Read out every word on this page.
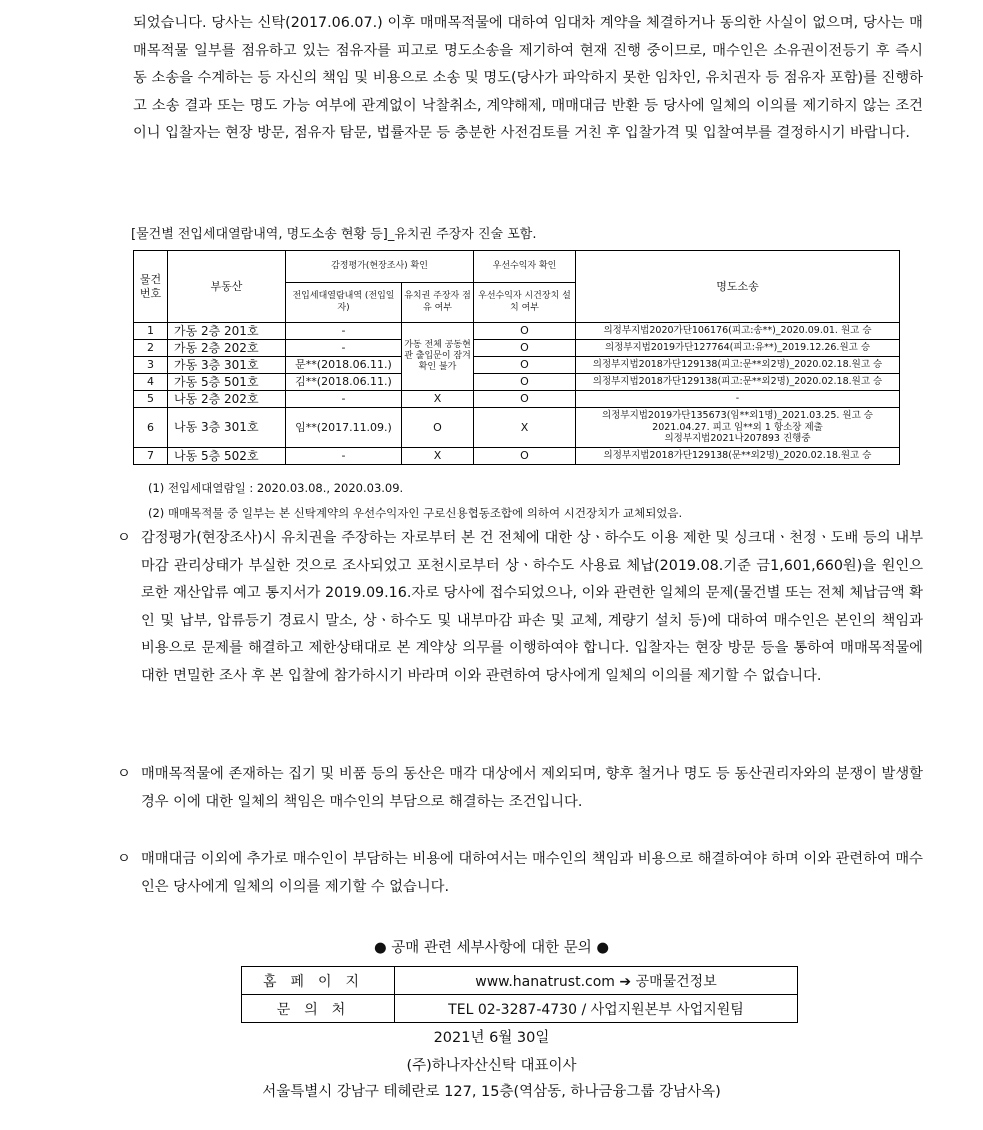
되었습니다. 당사는 신탁(2017.06.07.) 이후 매매목적물에 대하여 임대차 계약을 체결하거나 동의한 사실이 없으며, 당사는 매매목적물 일부를 점유하고 있는 점유자를 피고로 명도소송을 제기하여 현재 진행 중이므로, 매수인은 소유권이전등기 후 즉시 동 소송을 수계하는 등 자신의 책임 및 비용으로 소송 및 명도(당사가 파악하지 못한 임차인, 유치권자 등 점유자 포함)를 진행하고 소송 결과 또는 명도 가능 여부에 관계없이 낙찰취소, 계약해제, 매매대금 반환 등 당사에 일체의 이의를 제기하지 않는 조건이니 입찰자는 현장 방문, 점유자 탐문, 법률자문 등 충분한 사전검토를 거친 후 입찰가격 및 입찰여부를 결정하시기 바랍니다.

[물건별 전입세대열람내역, 명도소송 현황 등]_유치권 주장자 진술 포함.
물건 번호	부동산	감정평가(현장조사) 확인		우선수익자 확인	명도소송
		전입세대열람내역 (전입일자)	유치권 주장자 점유 여부	우선수익자 시건장치 설치 여부	
1	가동 2층 201호	-	가동 전체 공동현관 출입문이 잠겨 확인 불가	O	의정부지법2020가단106176(피고:송**)_2020.09.01. 원고 승
2	가동 2층 202호	-		O	의정부지법2019가단127764(피고:유**)_2019.12.26.원고 승
3	가동 3층 301호	문**(2018.06.11.)		O	의정부지법2018가단129138(피고:문**외2명)_2020.02.18.원고 승
4	가동 5층 501호	김**(2018.06.11.)		O	의정부지법2018가단129138(피고:문**외2명)_2020.02.18.원고 승
5	나동 2층 202호	-	X	O	-
6	나동 3층 301호	임**(2017.11.09.)	O	X	의정부지법2019가단135673(임**외1명)_2021.03.25. 원고 승
2021.04.27. 피고 임**외 1 항소장 제출
의정부지법2021나207893 진행중

7	나동 5층 502호	-	X	O	의정부지법2018가단129138(문**외2명)_2020.02.18.원고 승
(1) 전입세대열람일 : 2020.03.08., 2020.03.09.
(2) 매매목적물 중 일부는 본 신탁계약의 우선수익자인 구로신용협동조합에 의하여 시건장치가 교체되었음.
ㅇ 감정평가(현장조사)시 유치권을 주장하는 자로부터 본 건 전체에 대한 상ㆍ하수도 이용 제한 및 싱크대ㆍ천정ㆍ도배 등의 내부마감 관리상태가 부실한 것으로 조사되었고 포천시로부터 상ㆍ하수도 사용료 체납(2019.08.기준 금1,601,660원)을 원인으로한 재산압류 예고 통지서가 2019.09.16.자로 당사에 접수되었으나, 이와 관련한 일체의 문제(물건별 또는 전체 체납금액 확인 및 납부, 압류등기 경료시 말소, 상ㆍ하수도 및 내부마감 파손 및 교체, 계량기 설치 등)에 대하여 매수인은 본인의 책임과 비용으로 문제를 해결하고 제한상태대로 본 계약상 의무를 이행하여야 합니다. 입찰자는 현장 방문 등을 통하여 매매목적물에 대한 면밀한 조사 후 본 입찰에 참가하시기 바라며 이와 관련하여 당사에게 일체의 이의를 제기할 수 없습니다.
ㅇ 매매목적물에 존재하는 집기 및 비품 등의 동산은 매각 대상에서 제외되며, 향후 철거나 명도 등 동산권리자와의 분쟁이 발생할 경우 이에 대한 일체의 책임은 매수인의 부담으로 해결하는 조건입니다.
ㅇ 매매대금 이외에 추가로 매수인이 부담하는 비용에 대하여서는 매수인의 책임과 비용으로 해결하여야 하며 이와 관련하여 매수인은 당사에게 일체의 이의를 제기할 수 없습니다.
● 공매 관련 세부사항에 대한 문의 ●
홈페이지	www.hanatrust.com ➔ 공매물건정보
문의처	TEL 02-3287-4730 / 사업지원본부 사업지원팀
2021년 6월 30일
(주)하나자산신탁 대표이사
서울특별시 강남구 테헤란로 127, 15층(역삼동, 하나금융그룹 강남사옥)
